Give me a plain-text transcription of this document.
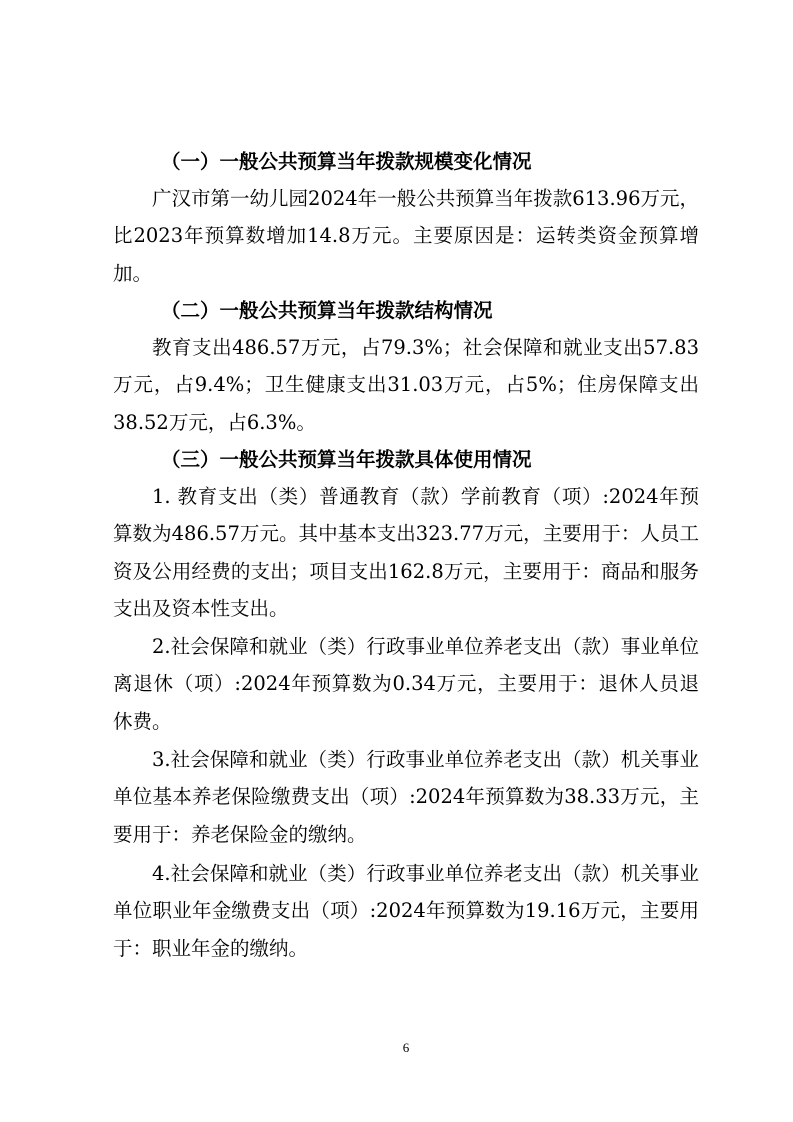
（一）一般公共预算当年拨款规模变化情况

广汉市第一幼儿园2024年一般公共预算当年拨款613.96万元，比2023年预算数增加14.8万元。主要原因是：运转类资金预算增加。

（二）一般公共预算当年拨款结构情况

教育支出486.57万元，占79.3%；社会保障和就业支出57.83万元，占9.4%；卫生健康支出31.03万元，占5%；住房保障支出38.52万元，占6.3%。

（三）一般公共预算当年拨款具体使用情况

1. 教育支出（类）普通教育（款）学前教育（项）:2024年预算数为486.57万元。其中基本支出323.77万元，主要用于：人员工资及公用经费的支出；项目支出162.8万元，主要用于：商品和服务支出及资本性支出。

2.社会保障和就业（类）行政事业单位养老支出（款）事业单位离退休（项）:2024年预算数为0.34万元，主要用于：退休人员退休费。

3.社会保障和就业（类）行政事业单位养老支出（款）机关事业单位基本养老保险缴费支出（项）:2024年预算数为38.33万元，主要用于：养老保险金的缴纳。

4.社会保障和就业（类）行政事业单位养老支出（款）机关事业单位职业年金缴费支出（项）:2024年预算数为19.16万元，主要用于：职业年金的缴纳。

6
